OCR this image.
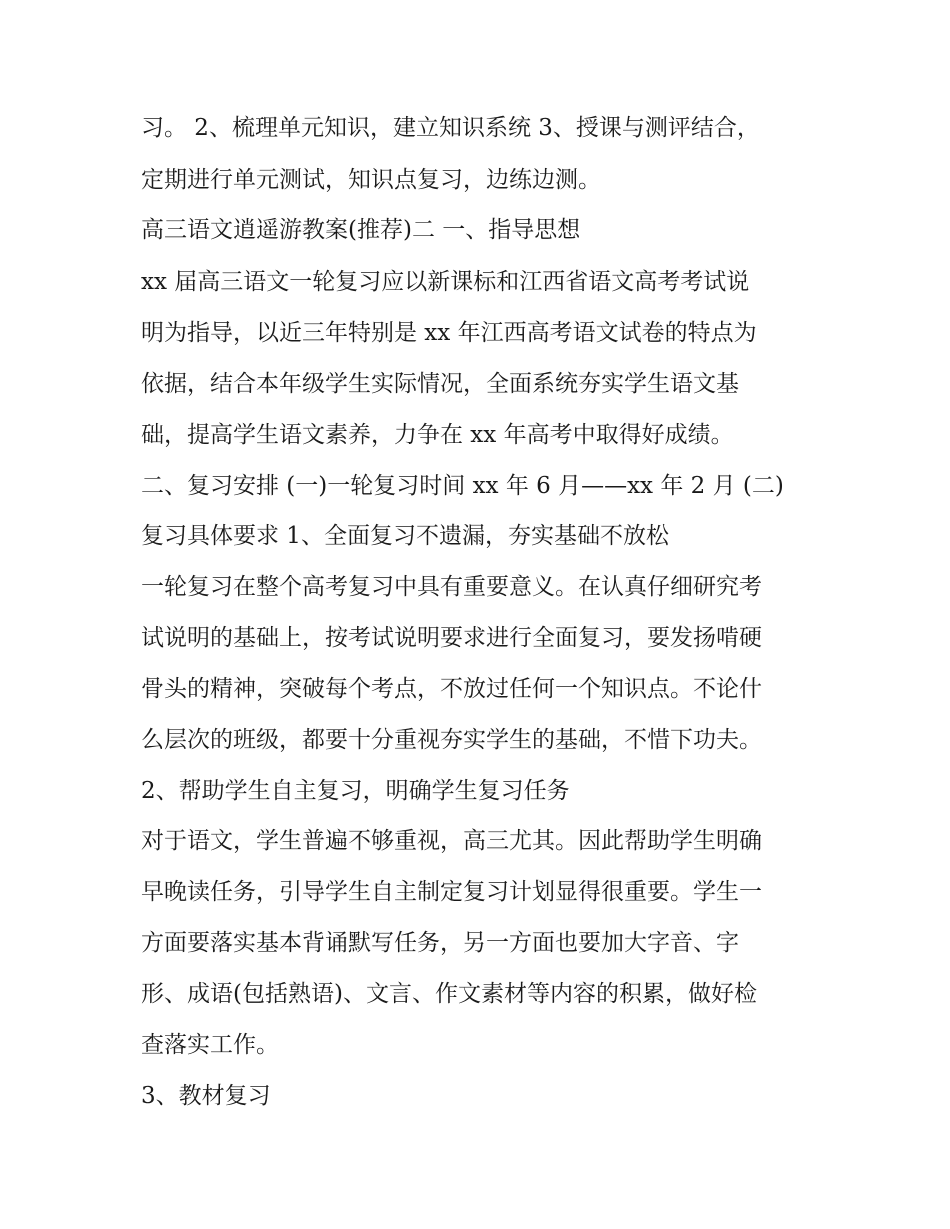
习。 2、梳理单元知识，建立知识系统 3、授课与测评结合，

定期进行单元测试，知识点复习，边练边测。

高三语文逍遥游教案(推荐)二 一、指导思想

xx 届高三语文一轮复习应以新课标和江西省语文高考考试说

明为指导，以近三年特别是 xx 年江西高考语文试卷的特点为

依据，结合本年级学生实际情况，全面系统夯实学生语文基

础，提高学生语文素养，力争在 xx 年高考中取得好成绩。

二、复习安排 (一)一轮复习时间 xx 年 6 月——xx 年 2 月 (二)

复习具体要求 1、全面复习不遗漏，夯实基础不放松

一轮复习在整个高考复习中具有重要意义。在认真仔细研究考

试说明的基础上，按考试说明要求进行全面复习，要发扬啃硬

骨头的精神，突破每个考点，不放过任何一个知识点。不论什

么层次的班级，都要十分重视夯实学生的基础，不惜下功夫。

2、帮助学生自主复习，明确学生复习任务

对于语文，学生普遍不够重视，高三尤其。因此帮助学生明确

早晚读任务，引导学生自主制定复习计划显得很重要。学生一

方面要落实基本背诵默写任务，另一方面也要加大字音、字

形、成语(包括熟语)、文言、作文素材等内容的积累，做好检

查落实工作。

3、教材复习
